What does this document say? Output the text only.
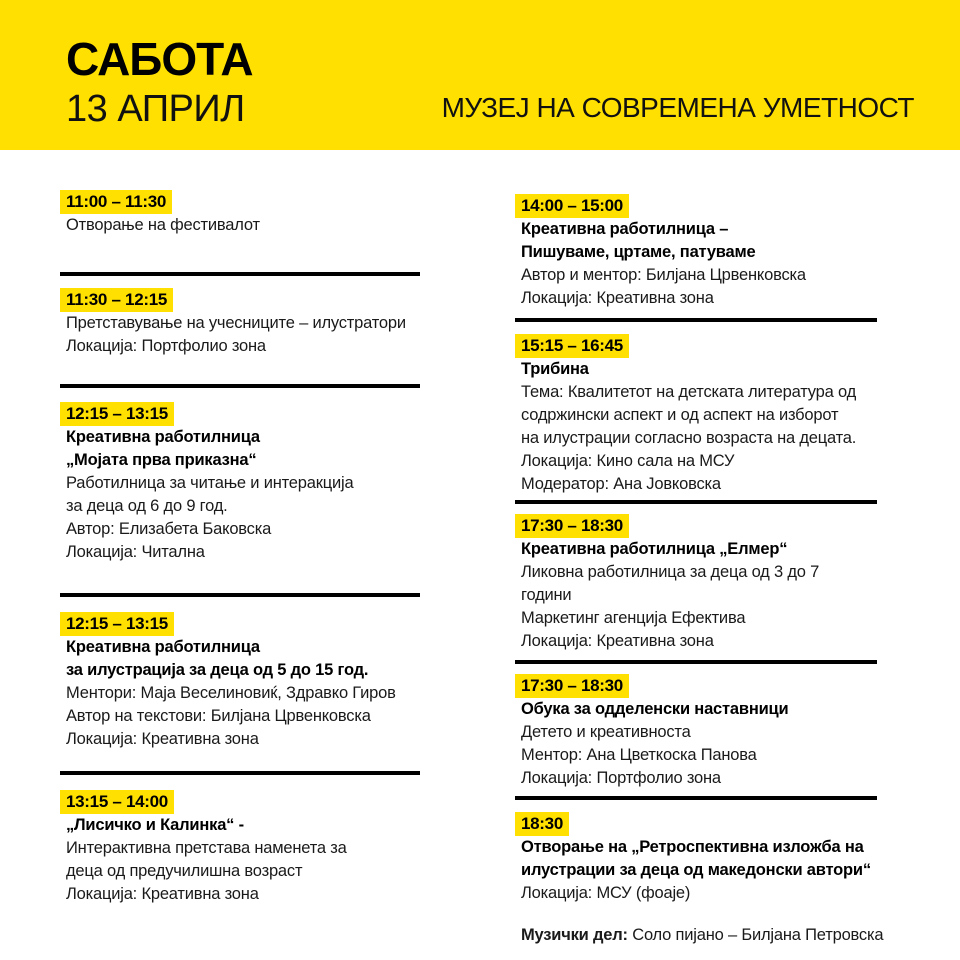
САБОТА
13 АПРИЛ	МУЗЕЈ НА СОВРЕМЕНА УМЕТНОСТ
11:00 – 11:30
Отворање на фестивалот
11:30 – 12:15
Претставување на учесниците – илустратори
Локација: Портфолио зона
12:15 – 13:15
Креативна работилница
„Мојата прва приказна“
Работилница за читање и интеракција
за деца од 6 до 9 год.
Автор: Елизабета Баковска
Локација: Читална
12:15 – 13:15
Креативна работилница
за илустрација за деца од 5 до 15 год.
Ментори: Маја Веселиновиќ, Здравко Гиров
Автор на текстови: Билјана Црвенковска
Локација: Креативна зона
13:15 – 14:00
„Лисичко и Калинка“ -
Интерактивна претстава наменета за
деца од предучилишна возраст
Локација: Креативна зона
14:00 – 15:00
Креативна работилница –
Пишуваме, цртаме, патуваме
Автор и ментор: Билјана Црвенковска
Локација: Креативна зона
15:15 – 16:45
Трибина
Тема: Квалитетот на детската литература од
содржински аспект и од аспект на изборот
на илустрации согласно возраста на децата.
Локација: Кино сала на МСУ
Модератор: Ана Јовковска
17:30 – 18:30
Креативна работилница „Елмер“
Ликовна работилница за деца од 3 до 7
години
Маркетинг агенција Ефектива
Локација: Креативна зона
17:30 – 18:30
Обука за одделенски наставници
Детето и креативноста
Ментор: Ана Цветкоска Панова
Локација: Портфолио зона
18:30
Отворање на „Ретроспективна изложба на
илустрации за деца од македонски автори“
Локација: МСУ (фоаје)
Музички дел: Соло пијано – Билјана Петровска
